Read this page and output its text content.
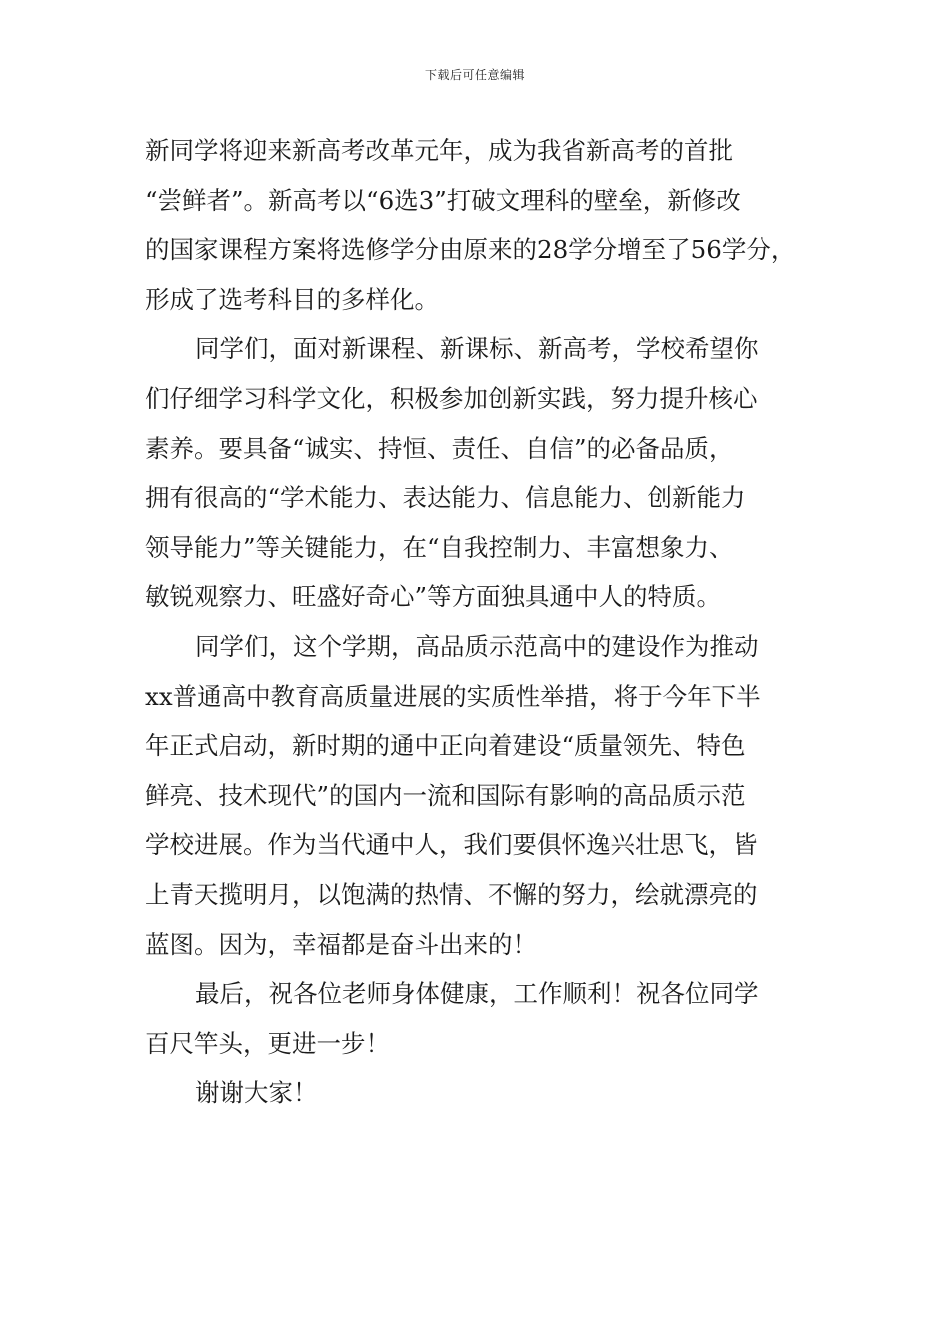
下载后可任意编辑
新同学将迎来新高考改革元年，成为我省新高考的首批
“尝鲜者”。新高考以“6选3”打破文理科的壁垒，新修改
的国家课程方案将选修学分由原来的28学分增至了56学分，
形成了选考科目的多样化。
同学们，面对新课程、新课标、新高考，学校希望你
们仔细学习科学文化，积极参加创新实践，努力提升核心
素养。要具备“诚实、持恒、责任、自信”的必备品质，
拥有很高的“学术能力、表达能力、信息能力、创新能力
领导能力”等关键能力，在“自我控制力、丰富想象力、
敏锐观察力、旺盛好奇心”等方面独具通中人的特质。
同学们，这个学期，高品质示范高中的建设作为推动
xx普通高中教育高质量进展的实质性举措，将于今年下半
年正式启动，新时期的通中正向着建设“质量领先、特色
鲜亮、技术现代”的国内一流和国际有影响的高品质示范
学校进展。作为当代通中人，我们要俱怀逸兴壮思飞，皆
上青天揽明月，以饱满的热情、不懈的努力，绘就漂亮的
蓝图。因为，幸福都是奋斗出来的！
最后，祝各位老师身体健康，工作顺利！祝各位同学
百尺竿头，更进一步！
谢谢大家！
